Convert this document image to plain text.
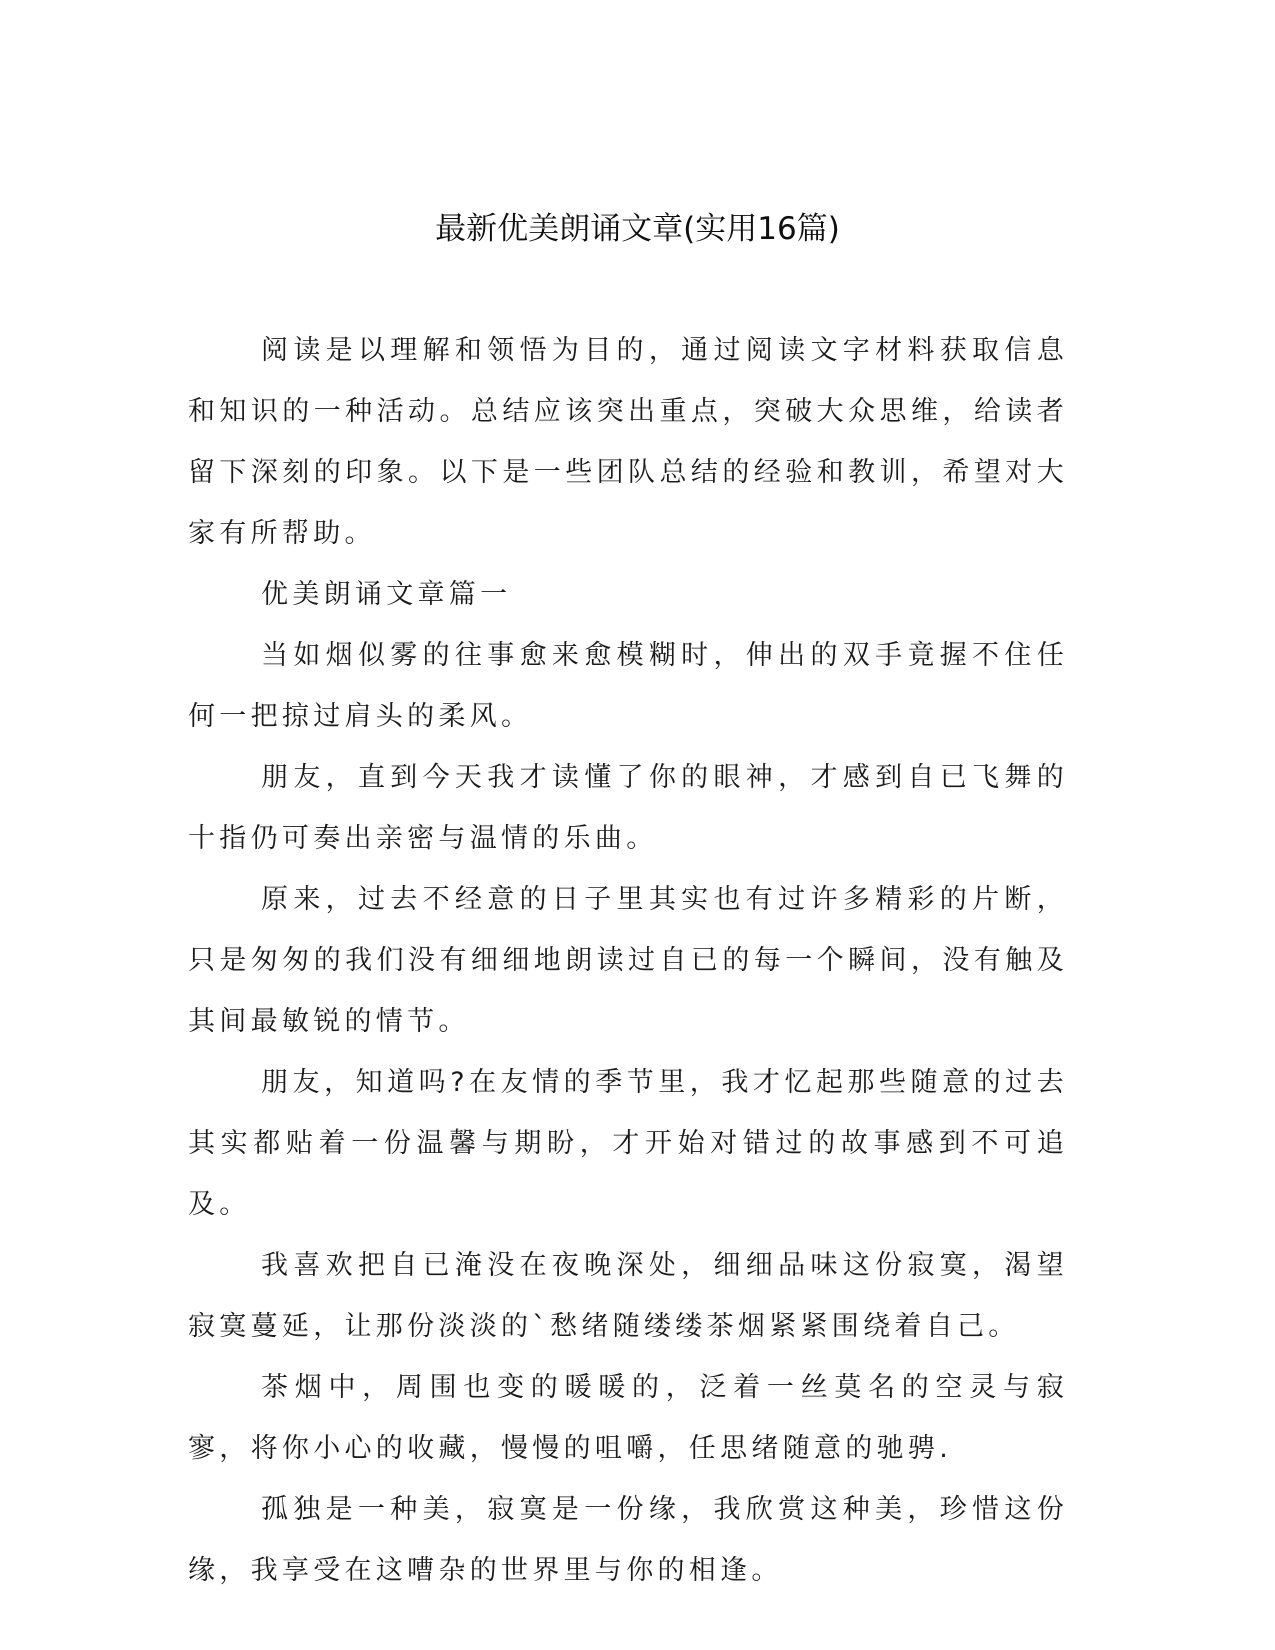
最新优美朗诵文章(实用16篇)

阅读是以理解和领悟为目的，通过阅读文字材料获取信息和知识的一种活动。总结应该突出重点，突破大众思维，给读者留下深刻的印象。以下是一些团队总结的经验和教训，希望对大家有所帮助。

优美朗诵文章篇一

当如烟似雾的往事愈来愈模糊时，伸出的双手竟握不住任何一把掠过肩头的柔风。

朋友，直到今天我才读懂了你的眼神，才感到自已飞舞的十指仍可奏出亲密与温情的乐曲。

原来，过去不经意的日子里其实也有过许多精彩的片断，只是匆匆的我们没有细细地朗读过自已的每一个瞬间，没有触及其间最敏锐的情节。

朋友，知道吗?在友情的季节里，我才忆起那些随意的过去其实都贴着一份温馨与期盼，才开始对错过的故事感到不可追及。

我喜欢把自已淹没在夜晚深处，细细品味这份寂寞，渴望寂寞蔓延，让那份淡淡的`愁绪随缕缕茶烟紧紧围绕着自己。

茶烟中，周围也变的暖暖的，泛着一丝莫名的空灵与寂寥，将你小心的收藏，慢慢的咀嚼，任思绪随意的驰骋.

孤独是一种美，寂寞是一份缘，我欣赏这种美，珍惜这份缘，我享受在这嘈杂的世界里与你的相逢。
